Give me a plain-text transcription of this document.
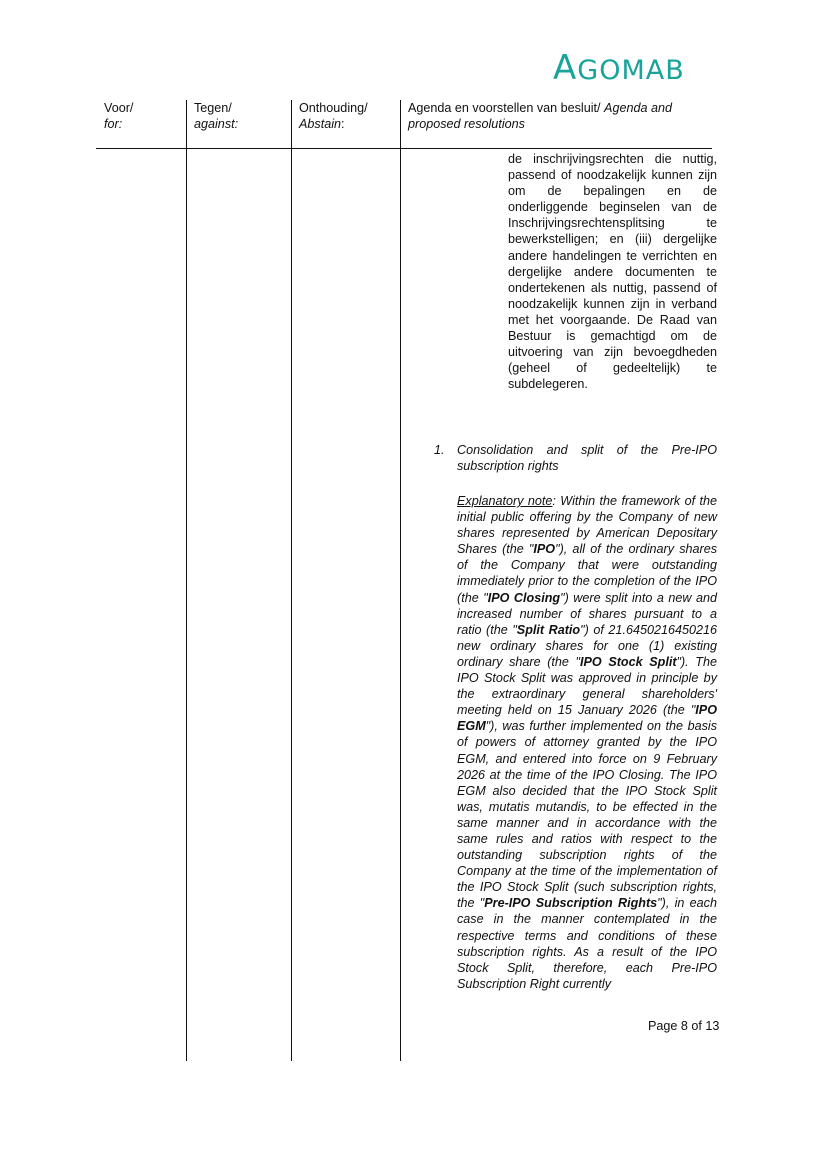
AGOMAB
Voor/
for:
Tegen/
against:
Onthouding/
Abstain:
Agenda en voorstellen van besluit/ Agenda and
proposed resolutions
de inschrijvingsrechten die nuttig, passend of noodzakelijk kunnen zijn om de bepalingen en de onderliggende beginselen van de Inschrijvingsrechtensplitsing te bewerkstelligen; en (iii) dergelijke andere handelingen te verrichten en dergelijke andere documenten te ondertekenen als nuttig, passend of noodzakelijk kunnen zijn in verband met het voorgaande. De Raad van Bestuur is gemachtigd om de uitvoering van zijn bevoegdheden (geheel of gedeeltelijk) te subdelegeren.
1. Consolidation and split of the Pre-IPO subscription rights
Explanatory note: Within the framework of the initial public offering by the Company of new shares represented by American Depositary Shares (the "IPO"), all of the ordinary shares of the Company that were outstanding immediately prior to the completion of the IPO (the "IPO Closing") were split into a new and increased number of shares pursuant to a ratio (the "Split Ratio") of 21.6450216450216 new ordinary shares for one (1) existing ordinary share (the "IPO Stock Split"). The IPO Stock Split was approved in principle by the extraordinary general shareholders' meeting held on 15 January 2026 (the "IPO EGM"), was further implemented on the basis of powers of attorney granted by the IPO EGM, and entered into force on 9 February 2026 at the time of the IPO Closing. The IPO EGM also decided that the IPO Stock Split was, mutatis mutandis, to be effected in the same manner and in accordance with the same rules and ratios with respect to the outstanding subscription rights of the Company at the time of the implementation of the IPO Stock Split (such subscription rights, the "Pre-IPO Subscription Rights"), in each case in the manner contemplated in the respective terms and conditions of these subscription rights. As a result of the IPO Stock Split, therefore, each Pre-IPO Subscription Right currently
Page 8 of 13
